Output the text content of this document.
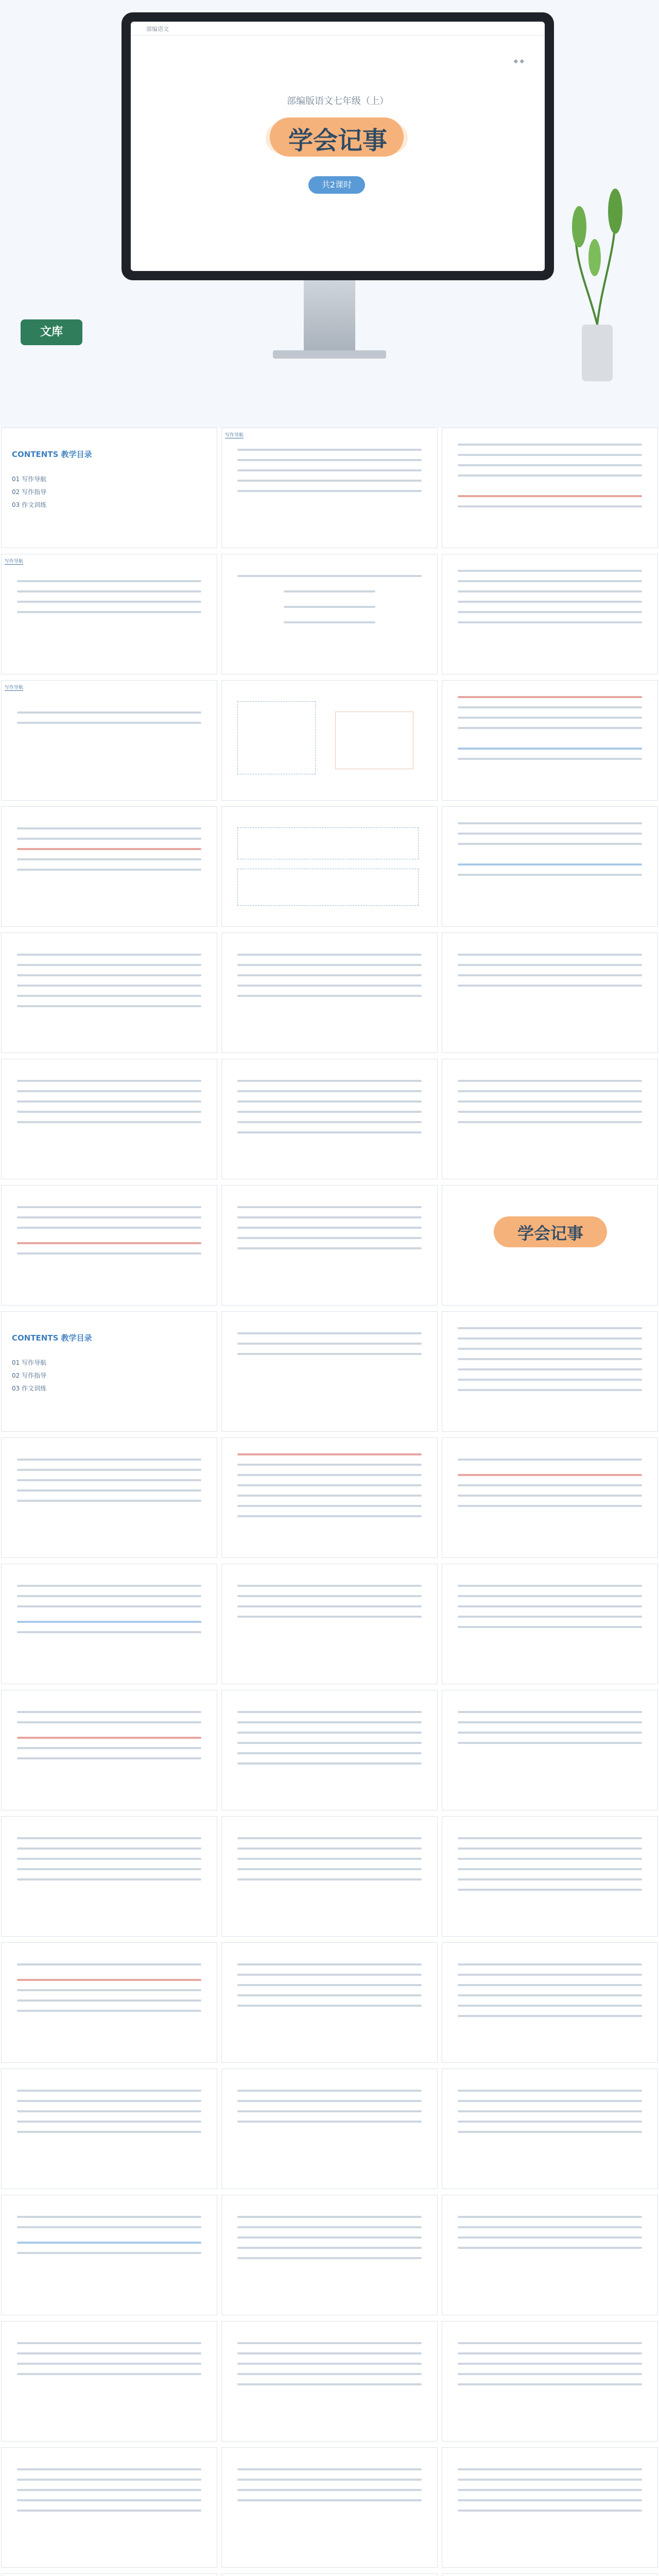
部编语文
◆ ◆
部编版语文七年级（上）
学会记事
共2课时
文库
CONTENTS 教学目录
01 写作导航
02 写作指导
03 作文训练
写作导航
写作导航
写作导航
学会记事
CONTENTS 教学目录
01 写作导航
02 写作指导
03 作文训练
